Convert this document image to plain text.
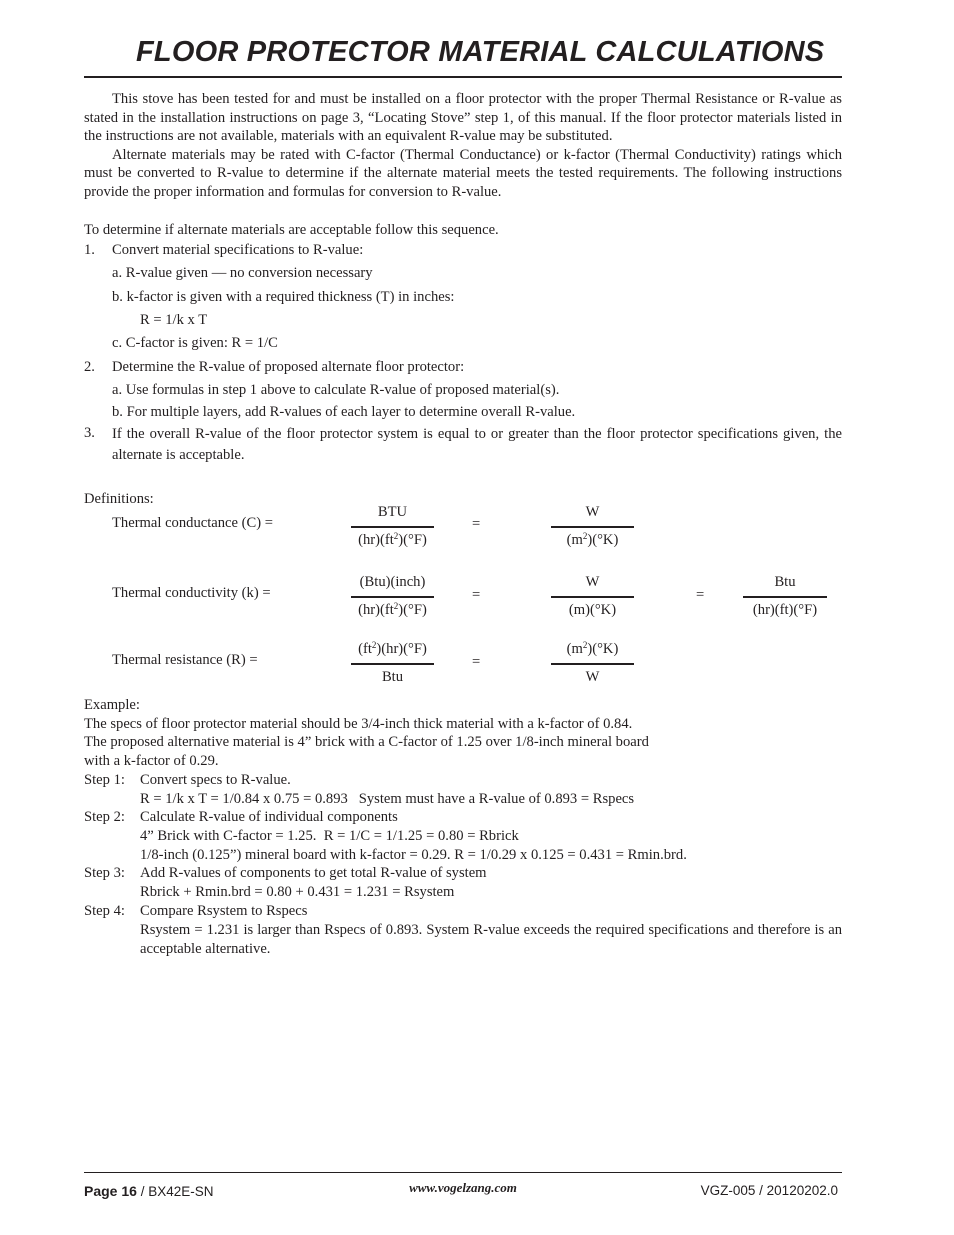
FLOOR PROTECTOR MATERIAL CALCULATIONS

This stove has been tested for and must be installed on a floor protector with the proper Thermal Resistance or R-value as stated in the installation instructions on page 3, “Locating Stove” step 1, of this manual. If the floor protector materials listed in the instructions are not available, materials with an equivalent R-value may be substituted.

Alternate materials may be rated with C-factor (Thermal Conductance) or k-factor (Thermal Conductivity) ratings which must be converted to R-value to determine if the alternate material meets the tested requirements. The following instructions provide the proper information and formulas for conversion to R-value.

To determine if alternate materials are acceptable follow this sequence.
1. Convert material specifications to R-value:
a. R-value given — no conversion necessary
b. k-factor is given with a required thickness (T) in inches:
R = 1/k x T
c. C-factor is given: R = 1/C
2. Determine the R-value of proposed alternate floor protector:
a. Use formulas in step 1 above to calculate R-value of proposed material(s).
b. For multiple layers, add R-values of each layer to determine overall R-value.
3. If the overall R-value of the floor protector system is equal to or greater than the floor protector specifications given, the alternate is acceptable.
Definitions:
Thermal conductance (C) =
BTU
$(hr)(ft^2)(^\circ F)$
=
W
$(m^2)(^\circ K)$
Thermal conductivity (k) =
(Btu)(inch)
$(hr)(ft^2)(^\circ F)$
=
W
(m)(°K)
=
Btu
(hr)(ft)(°F)
Thermal resistance (R) =
$(ft^2)(hr)(^\circ F)$
Btu
=
$(m^2)(^\circ K)$
W
Example:
The specs of floor protector material should be 3/4-inch thick material with a k-factor of 0.84.
The proposed alternative material is 4” brick with a C-factor of 1.25 over 1/8-inch mineral board
with a k-factor of 0.29.
Step 1: Convert specs to R-value.
R = 1/k x T = 1/0.84 x 0.75 = 0.893   System must have a R-value of 0.893 = Rspecs
Step 2: Calculate R-value of individual components
4” Brick with C-factor = 1.25.  R = 1/C = 1/1.25 = 0.80 = Rbrick
1/8-inch (0.125”) mineral board with k-factor = 0.29. R = 1/0.29 x 0.125 = 0.431 = Rmin.brd.
Step 3: Add R-values of components to get total R-value of system
Rbrick + Rmin.brd = 0.80 + 0.431 = 1.231 = Rsystem
Step 4: Compare Rsystem to Rspecs
Rsystem = 1.231 is larger than Rspecs of 0.893. System R-value exceeds the required specifications and therefore is an acceptable alternative.
Page 16 / BX42E-SN	www.vogelzang.com	VGZ-005 / 20120202.0
